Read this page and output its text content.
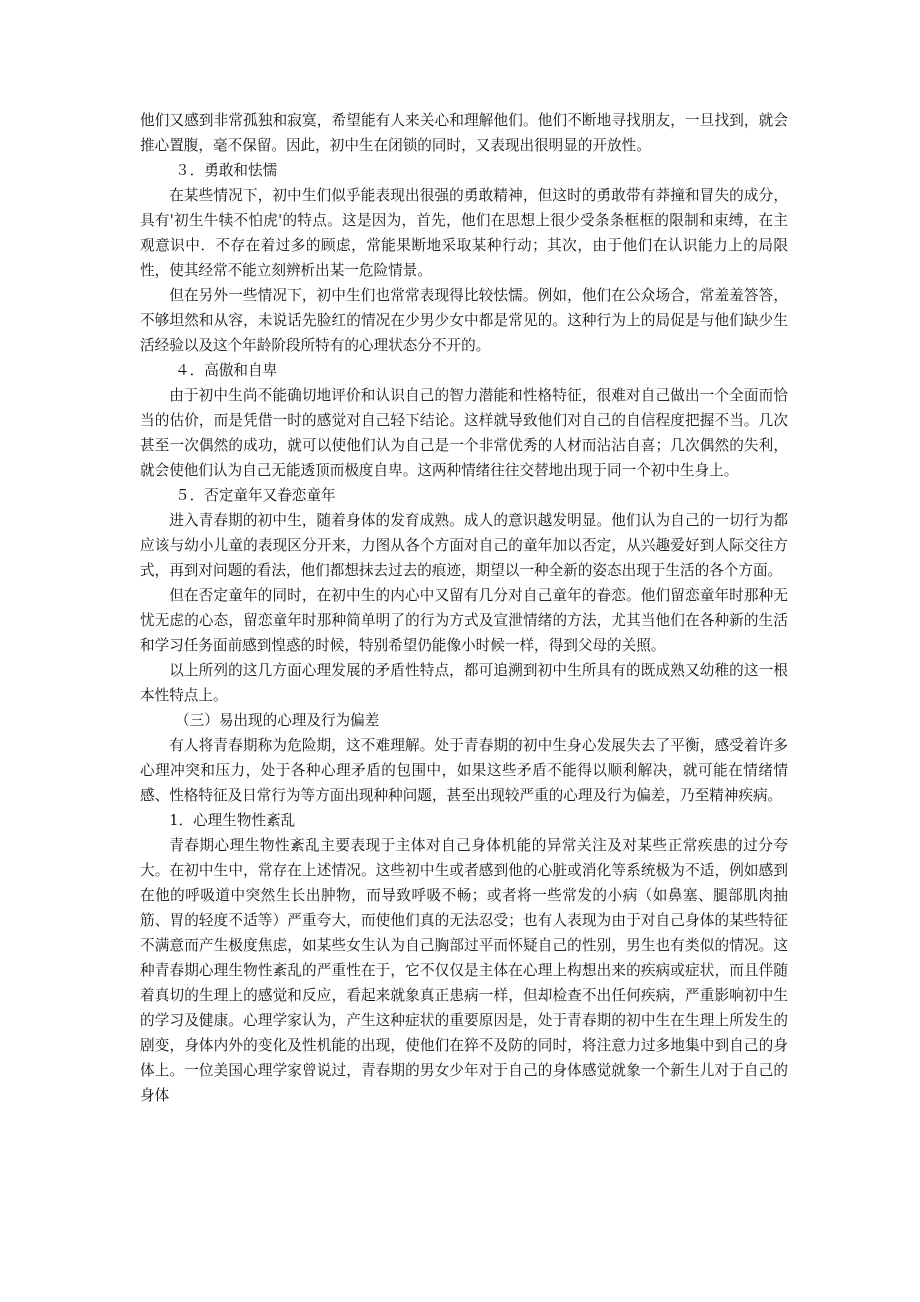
他们又感到非常孤独和寂寞，希望能有人来关心和理解他们。他们不断地寻找朋友，一旦找到，就会推心置腹，毫不保留。因此，初中生在闭锁的同时，又表现出很明显的开放性。

３．勇敢和怯懦

在某些情况下，初中生们似乎能表现出很强的勇敢精神，但这时的勇敢带有莽撞和冒失的成分，具有'初生牛犊不怕虎'的特点。这是因为，首先，他们在思想上很少受条条框框的限制和束缚，在主观意识中．不存在着过多的顾虑，常能果断地采取某种行动；其次，由于他们在认识能力上的局限性，使其经常不能立刻辨析出某一危险情景。

但在另外一些情况下，初中生们也常常表现得比较怯懦。例如，他们在公众场合，常羞羞答答，不够坦然和从容，未说话先脸红的情况在少男少女中都是常见的。这种行为上的局促是与他们缺少生活经验以及这个年龄阶段所特有的心理状态分不开的。

４．高傲和自卑

由于初中生尚不能确切地评价和认识自己的智力潜能和性格特征，很难对自己做出一个全面而恰当的估价，而是凭借一时的感觉对自己轻下结论。这样就导致他们对自己的自信程度把握不当。几次甚至一次偶然的成功，就可以使他们认为自己是一个非常优秀的人材而沾沾自喜；几次偶然的失利，就会使他们认为自己无能透顶而极度自卑。这两种情绪往往交替地出现于同一个初中生身上。

５．否定童年又眷恋童年

进入青春期的初中生，随着身体的发育成熟。成人的意识越发明显。他们认为自己的一切行为都应该与幼小儿童的表现区分开来，力图从各个方面对自己的童年加以否定，从兴趣爱好到人际交往方式，再到对问题的看法，他们都想抹去过去的痕迹，期望以一种全新的姿态出现于生活的各个方面。

但在否定童年的同时，在初中生的内心中又留有几分对自己童年的眷恋。他们留恋童年时那种无忧无虑的心态，留恋童年时那种简单明了的行为方式及宣泄情绪的方法，尤其当他们在各种新的生活和学习任务面前感到惶惑的时候，特别希望仍能像小时候一样，得到父母的关照。

以上所列的这几方面心理发展的矛盾性特点，都可追溯到初中生所具有的既成熟又幼稚的这一根本性特点上。

（三）易出现的心理及行为偏差

有人将青春期称为危险期，这不难理解。处于青春期的初中生身心发展失去了平衡，感受着许多心理冲突和压力，处于各种心理矛盾的包围中，如果这些矛盾不能得以顺利解决，就可能在情绪情感、性格特征及日常行为等方面出现种种问题，甚至出现较严重的心理及行为偏差，乃至精神疾病。

1．心理生物性紊乱

青春期心理生物性紊乱主要表现于主体对自己身体机能的异常关注及对某些正常疾患的过分夸大。在初中生中，常存在上述情况。这些初中生或者感到他的心脏或消化等系统极为不适，例如感到在他的呼吸道中突然生长出肿物，而导致呼吸不畅；或者将一些常发的小病（如鼻塞、腿部肌肉抽筋、胃的轻度不适等）严重夸大，而使他们真的无法忍受；也有人表现为由于对自己身体的某些特征不满意而产生极度焦虑，如某些女生认为自己胸部过平而怀疑自己的性别，男生也有类似的情况。这种青春期心理生物性紊乱的严重性在于，它不仅仅是主体在心理上构想出来的疾病或症状，而且伴随着真切的生理上的感觉和反应，看起来就象真正患病一样，但却检查不出任何疾病，严重影响初中生的学习及健康。心理学家认为，产生这种症状的重要原因是，处于青春期的初中生在生理上所发生的剧变，身体内外的变化及性机能的出现，使他们在猝不及防的同时，将注意力过多地集中到自己的身体上。一位美国心理学家曾说过，青春期的男女少年对于自己的身体感觉就象一个新生儿对于自己的身体
